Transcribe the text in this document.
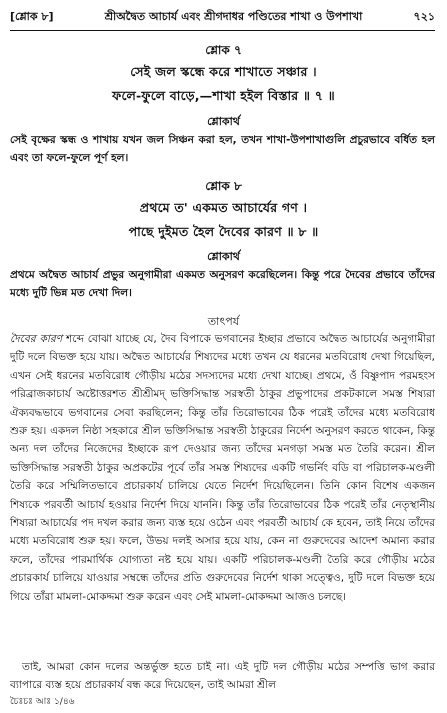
[শ্লোক ৮]	শ্রীঅদ্বৈত আচার্য এবং শ্রীগদাধর পণ্ডিতের শাখা ও উপশাখা	৭২১
শ্লোক ৭
সেই জল স্কন্ধে করে শাখাতে সঞ্চার ।
ফলে-ফুলে বাড়ে,—শাখা হইল বিস্তার ॥ ৭ ॥
শ্লোকার্থ
সেই বৃক্ষের স্কন্ধ ও শাখায় যখন জল সিঞ্চন করা হল, তখন শাখা-উপশাখাগুলি প্রচুরভাবে বর্ধিত হল এবং তা ফলে-ফুলে পূর্ণ হল।
শ্লোক ৮
প্রথমে ত' একমত আচার্যের গণ ।
পাছে দুইমত হৈল দৈবের কারণ ॥ ৮ ॥
শ্লোকার্থ
প্রথমে অদ্বৈত আচার্য প্রভুর অনুগামীরা একমত অনুসরণ করেছিলেন। কিন্তু পরে দৈবের প্রভাবে তাঁদের মধ্যে দুটি ভিন্ন মত দেখা দিল।
তাৎপর্য
দৈবের কারণ শব্দে বোঝা যাচ্ছে যে, দৈব বিপাকে ভগবানের ইচ্ছার প্রভাবে অদ্বৈত আচার্যের অনুগামীরা দুটি দলে বিভক্ত হয়ে যায়। অদ্বৈত আচার্যের শিষ্যদের মধ্যে তখন যে ধরনের মতবিরোধ দেখা গিয়েছিল, এখন সেই ধরনের মতবিরোধ গৌড়ীয় মঠের সদস্যদের মধ্যে দেখা যাচ্ছে। প্রথমে, ওঁ বিষ্ণুপাদ পরমহংস পরিব্রাজকাচার্য অষ্টোত্তরশত শ্রীশ্রীমদ্ ভক্তিসিদ্ধান্ত সরস্বতী ঠাকুর প্রভুপাদের প্রকটকালে সমস্ত শিষ্যরা ঐক্যবদ্ধভাবে ভগবানের সেবা করছিলেন; কিন্তু তাঁর তিরোভাবের ঠিক পরেই তাঁদের মধ্যে মতবিরোধ শুরু হয়। একদল নিষ্ঠা সহকারে শ্রীল ভক্তিসিদ্ধান্ত সরস্বতী ঠাকুরের নির্দেশ অনুসরণ করতে থাকেন, কিন্তু অন্য দল তাঁদের নিজেদের ইচ্ছাকে রূপ দেওয়ার জন্য তাঁদের মনগড়া সমস্ত মত তৈরি করেন। শ্রীল ভক্তিসিদ্ধান্ত সরস্বতী ঠাকুর অপ্রকটের পূর্বে তাঁর সমস্ত শিষ্যদের একটি গভর্নিং বডি বা পরিচালক-মণ্ডলী তৈরি করে সম্মিলিতভাবে প্রচারকার্য চালিয়ে যেতে নির্দেশ দিয়েছিলেন। তিনি কোন বিশেষ একজন শিষ্যকে পরবর্তী আচার্য হওয়ার নির্দেশ দিয়ে যাননি। কিন্তু তাঁর তিরোভাবের ঠিক পরেই তাঁর নেতৃস্থানীয় শিষ্যরা আচার্যের পদ দখল করার জন্য ব্যস্ত হয়ে ওঠেন এবং পরবর্তী আচার্য কে হবেন, তাই নিয়ে তাঁদের মধ্যে মতবিরোধ শুরু হয়। ফলে, উভয় দলই অসার হয়ে যায়, কেন না গুরুদেবের আদেশ অমান্য করার ফলে, তাঁদের পারমার্থিক যোগ্যতা নষ্ট হয়ে যায়। একটি পরিচালক-মণ্ডলী তৈরি করে গৌড়ীয় মঠের প্রচারকার্য চালিয়ে যাওয়ার সম্বন্ধে তাঁদের প্রতি গুরুদেবের নির্দেশ থাকা সত্ত্বেও, দুটি দলে বিভক্ত হয়ে গিয়ে তাঁরা মামলা-মোকদ্দমা শুরু করেন এবং সেই মামলা-মোকদ্দমা আজও চলছে।
তাই, আমরা কোন দলের অন্তর্ভুক্ত হতে চাই না। এই দুটি দল গৌড়ীয় মঠের সম্পত্তি ভাগ করার ব্যাপারে ব্যস্ত হয়ে প্রচারকার্য বন্ধ করে দিয়েছেন, তাই আমরা শ্রীল
চৈঃচঃ আঃ ১/৪৬
